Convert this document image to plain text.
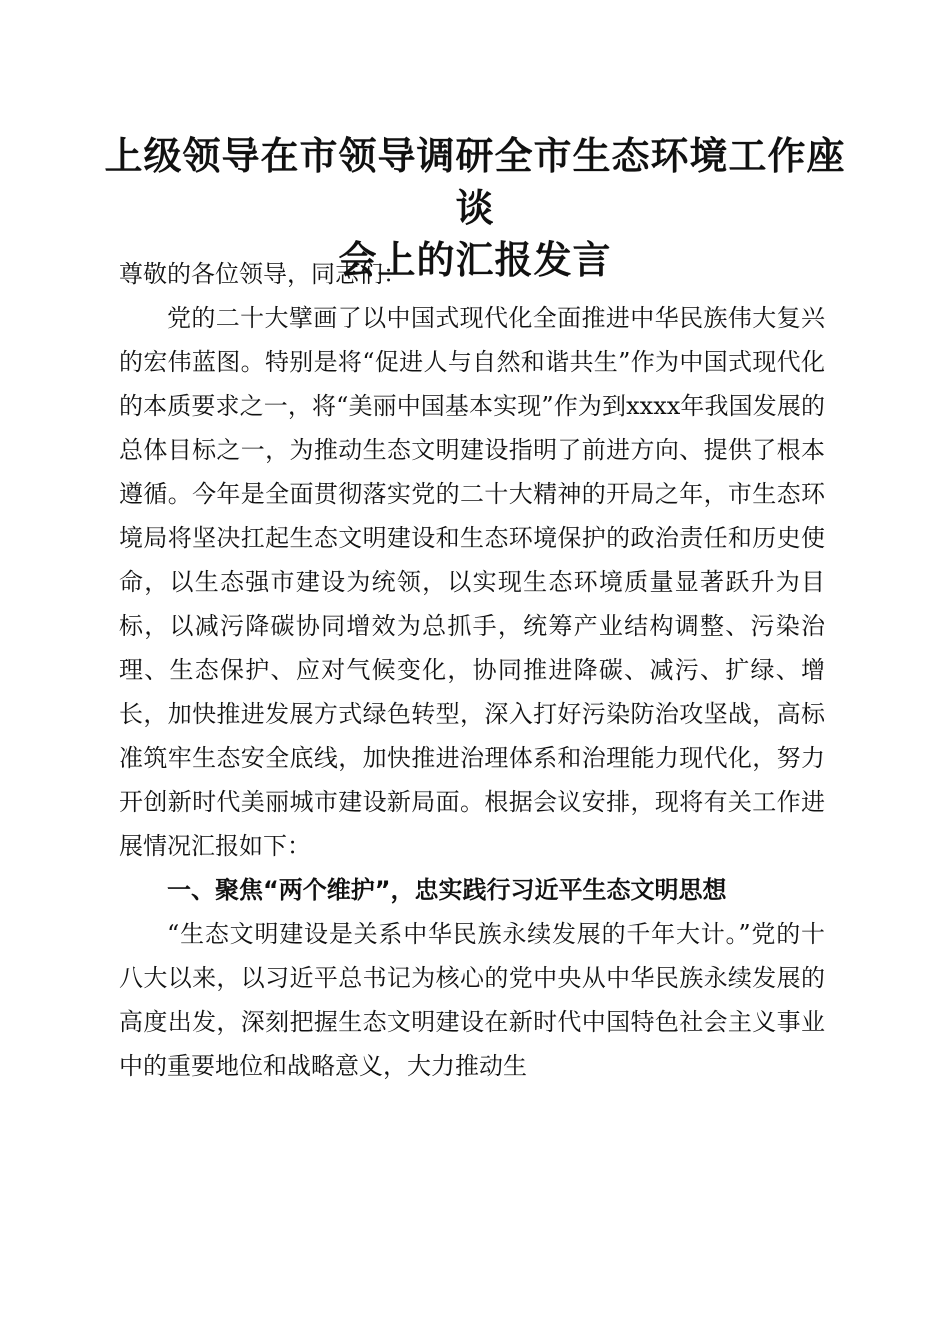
上级领导在市领导调研全市生态环境工作座谈
会上的汇报发言

尊敬的各位领导，同志们：

党的二十大擘画了以中国式现代化全面推进中华民族伟大复兴的宏伟蓝图。特别是将“促进人与自然和谐共生”作为中国式现代化的本质要求之一，将“美丽中国基本实现”作为到xxxx年我国发展的总体目标之一，为推动生态文明建设指明了前进方向、提供了根本遵循。今年是全面贯彻落实党的二十大精神的开局之年，市生态环境局将坚决扛起生态文明建设和生态环境保护的政治责任和历史使命，以生态强市建设为统领，以实现生态环境质量显著跃升为目标，以减污降碳协同增效为总抓手，统筹产业结构调整、污染治理、生态保护、应对气候变化，协同推进降碳、减污、扩绿、增长，加快推进发展方式绿色转型，深入打好污染防治攻坚战，高标准筑牢生态安全底线，加快推进治理体系和治理能力现代化，努力开创新时代美丽城市建设新局面。根据会议安排，现将有关工作进展情况汇报如下：

一、聚焦“两个维护”，忠实践行习近平生态文明思想

“生态文明建设是关系中华民族永续发展的千年大计。”党的十八大以来，以习近平总书记为核心的党中央从中华民族永续发展的高度出发，深刻把握生态文明建设在新时代中国特色社会主义事业中的重要地位和战略意义，大力推动生
